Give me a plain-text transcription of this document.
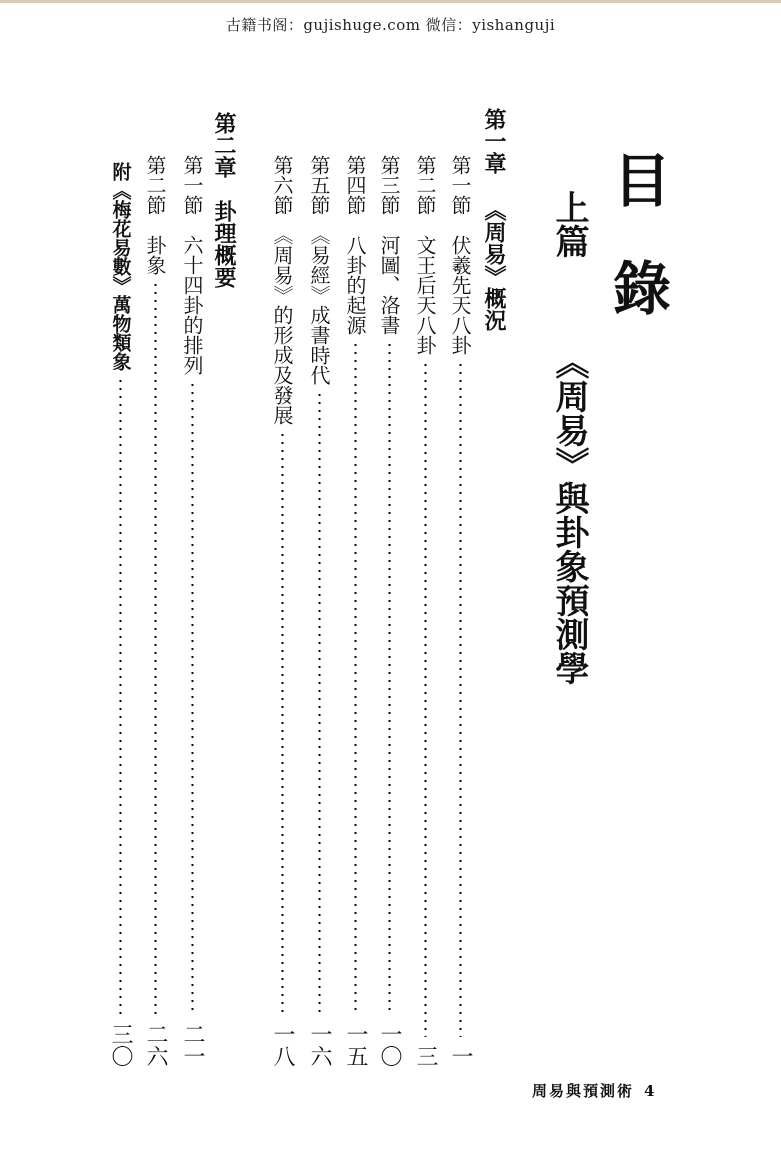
古籍书阁：gujishuge.com 微信：yishanguji
目錄
上篇
《周易》與卦象預測學
第一章 《周易》概況
第一節　伏羲先天八卦
一
第二節　文王后天八卦
三
第三節　河圖、洛書
一〇
第四節　八卦的起源
一五
第五節　《易經》成書時代
一六
第六節　《周易》的形成及發展
一八
第二章　卦理概要
第一節　六十四卦的排列
二一
第二節　卦象
二六
附《梅花易數》萬物類象
三〇
周易與預測術 4
